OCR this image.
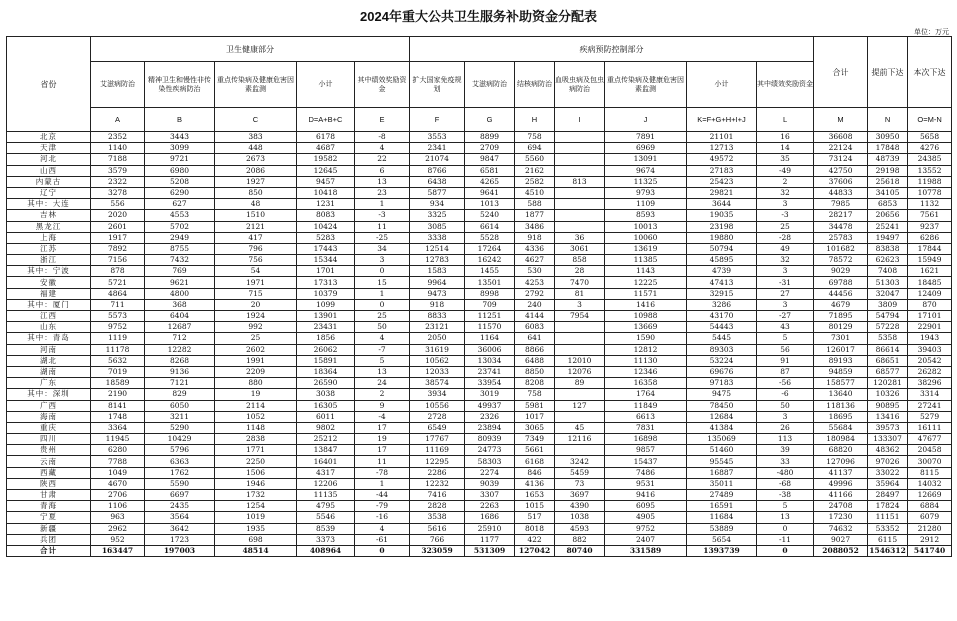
2024年重大公共卫生服务补助资金分配表
单位：万元
省份	卫生健康部分					疾病预防控制部分							合计	提前下达	本次下达
	艾滋病防治	精神卫生和慢性非传染性疾病防治	重点传染病及健康危害因素监测	小计	其中绩效奖励资金	扩大国家免疫规划	艾滋病防治	结核病防治	血吸虫病及包虫病防治	重点传染病及健康危害因素监测	小计	其中绩效奖励资金			
	A	B	C	D=A+B+C	E	F	G	H	I	J	K=F+G+H+I+J	L	M	N	O=M-N
北京	2352	3443	383	6178	-8	3553	8899	758		7891	21101	16	36608	30950	5658
天津	1140	3099	448	4687	4	2341	2709	694		6969	12713	14	22124	17848	4276
河北	7188	9721	2673	19582	22	21074	9847	5560		13091	49572	35	73124	48739	24385
山西	3579	6980	2086	12645	6	8766	6581	2162		9674	27183	-49	42750	29198	13552
内蒙古	2322	5208	1927	9457	13	6438	4265	2582	813	11325	25423	2	37606	25618	11988
辽宁	3278	6290	850	10418	23	5877	9641	4510		9793	29821	32	44833	34105	10778
其中：大连	556	627	48	1231	1	934	1013	588		1109	3644	3	7985	6853	1132
吉林	2020	4553	1510	8083	-3	3325	5240	1877		8593	19035	-3	28217	20656	7561
黑龙江	2601	5702	2121	10424	11	3085	6614	3486		10013	23198	25	34478	25241	9237
上海	1917	2949	417	5283	-25	3338	5528	918	36	10060	19880	-28	25783	19497	6286
江苏	7892	8755	796	17443	34	12514	17264	4336	3061	13619	50794	49	101682	83838	17844
浙江	7156	7432	756	15344	3	12783	16242	4627	858	11385	45895	32	78572	62623	15949
其中：宁波	878	769	54	1701	0	1583	1455	530	28	1143	4739	3	9029	7408	1621
安徽	5721	9621	1971	17313	15	9964	13501	4253	7470	12225	47413	-31	69788	51303	18485
福建	4864	4800	715	10379	1	9473	8998	2792	81	11571	32915	27	44456	32047	12409
其中：厦门	711	368	20	1099	0	918	709	240	3	1416	3286	3	4679	3809	870
江西	5573	6404	1924	13901	25	8833	11251	4144	7954	10988	43170	-27	71895	54794	17101
山东	9752	12687	992	23431	50	23121	11570	6083		13669	54443	43	80129	57228	22901
其中：青岛	1119	712	25	1856	4	2050	1164	641		1590	5445	5	7301	5358	1943
河南	11178	12282	2602	26062	-7	31619	36006	8866		12812	89303	56	126017	86614	39403
湖北	5632	8268	1991	15891	5	10562	13034	6488	12010	11130	53224	91	89193	68651	20542
湖南	7019	9136	2209	18364	13	12033	23741	8850	12076	12346	69676	87	94859	68577	26282
广东	18589	7121	880	26590	24	38574	33954	8208	89	16358	97183	-56	158577	120281	38296
其中：深圳	2190	829	19	3038	2	3934	3019	758		1764	9475	-6	13640	10326	3314
广西	8141	6050	2114	16305	9	10556	49937	5981	127	11849	78450	50	118136	90895	27241
海南	1748	3211	1052	6011	-4	2728	2326	1017		6613	12684	3	18695	13416	5279
重庆	3364	5290	1148	9802	17	6549	23894	3065	45	7831	41384	26	55684	39573	16111
四川	11945	10429	2838	25212	19	17767	80939	7349	12116	16898	135069	113	180984	133307	47677
贵州	6280	5796	1771	13847	17	11169	24773	5661		9857	51460	39	68820	48362	20458
云南	7788	6363	2250	16401	11	12295	58303	6168	3242	15437	95545	33	127096	97026	30070
西藏	1049	1762	1506	4317	-78	2286	2274	846	5459	7486	16887	-480	41137	33022	8115
陕西	4670	5590	1946	12206	1	12232	9039	4136	73	9531	35011	-68	49996	35964	14032
甘肃	2706	6697	1732	11135	-44	7416	3307	1653	3697	9416	27489	-38	41166	28497	12669
青海	1106	2435	1254	4795	-79	2828	2263	1015	4390	6095	16591	5	24708	17824	6884
宁夏	963	3564	1019	5546	-16	3538	1686	517	1038	4905	11684	13	17230	11151	6079
新疆	2962	3642	1935	8539	4	5616	25910	8018	4593	9752	53889	0	74632	53352	21280
兵团	952	1723	698	3373	-61	766	1177	422	882	2407	5654	-11	9027	6115	2912
合计	163447	197003	48514	408964	0	323059	531309	127042	80740	331589	1393739	0	2088052	1546312	541740
